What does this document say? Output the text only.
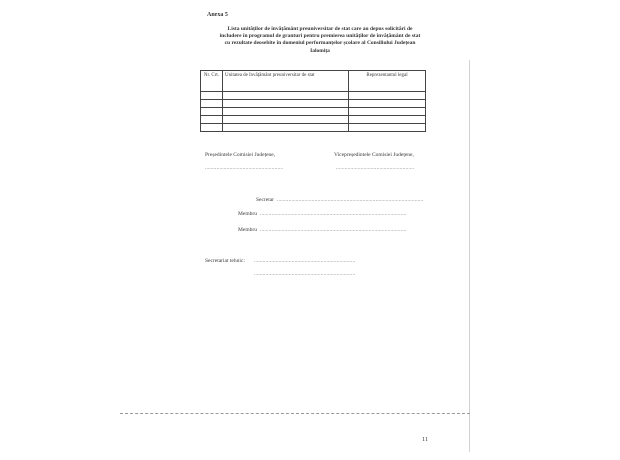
Anexa 5
Lista unităților de învățământ preuniversitar de stat care au depus solicitări de
includere în programul de granturi pentru premierea unităților de învățământ de stat
cu rezultate deosebite în domeniul performanțelor școlare al Consiliului Județean
Ialomița
Nr. Crt.	Unitatea de învățământ preuniversitar de stat	Reprezentantul legal

Președintele Comisiei Județene,
......................................................
Vicepreședintele Comisiei Județene,
......................................................
Secretar .....................................................................................................
Membru .....................................................................................................
Membru .....................................................................................................
Secretariat tehnic: ......................................................................
......................................................................
11
